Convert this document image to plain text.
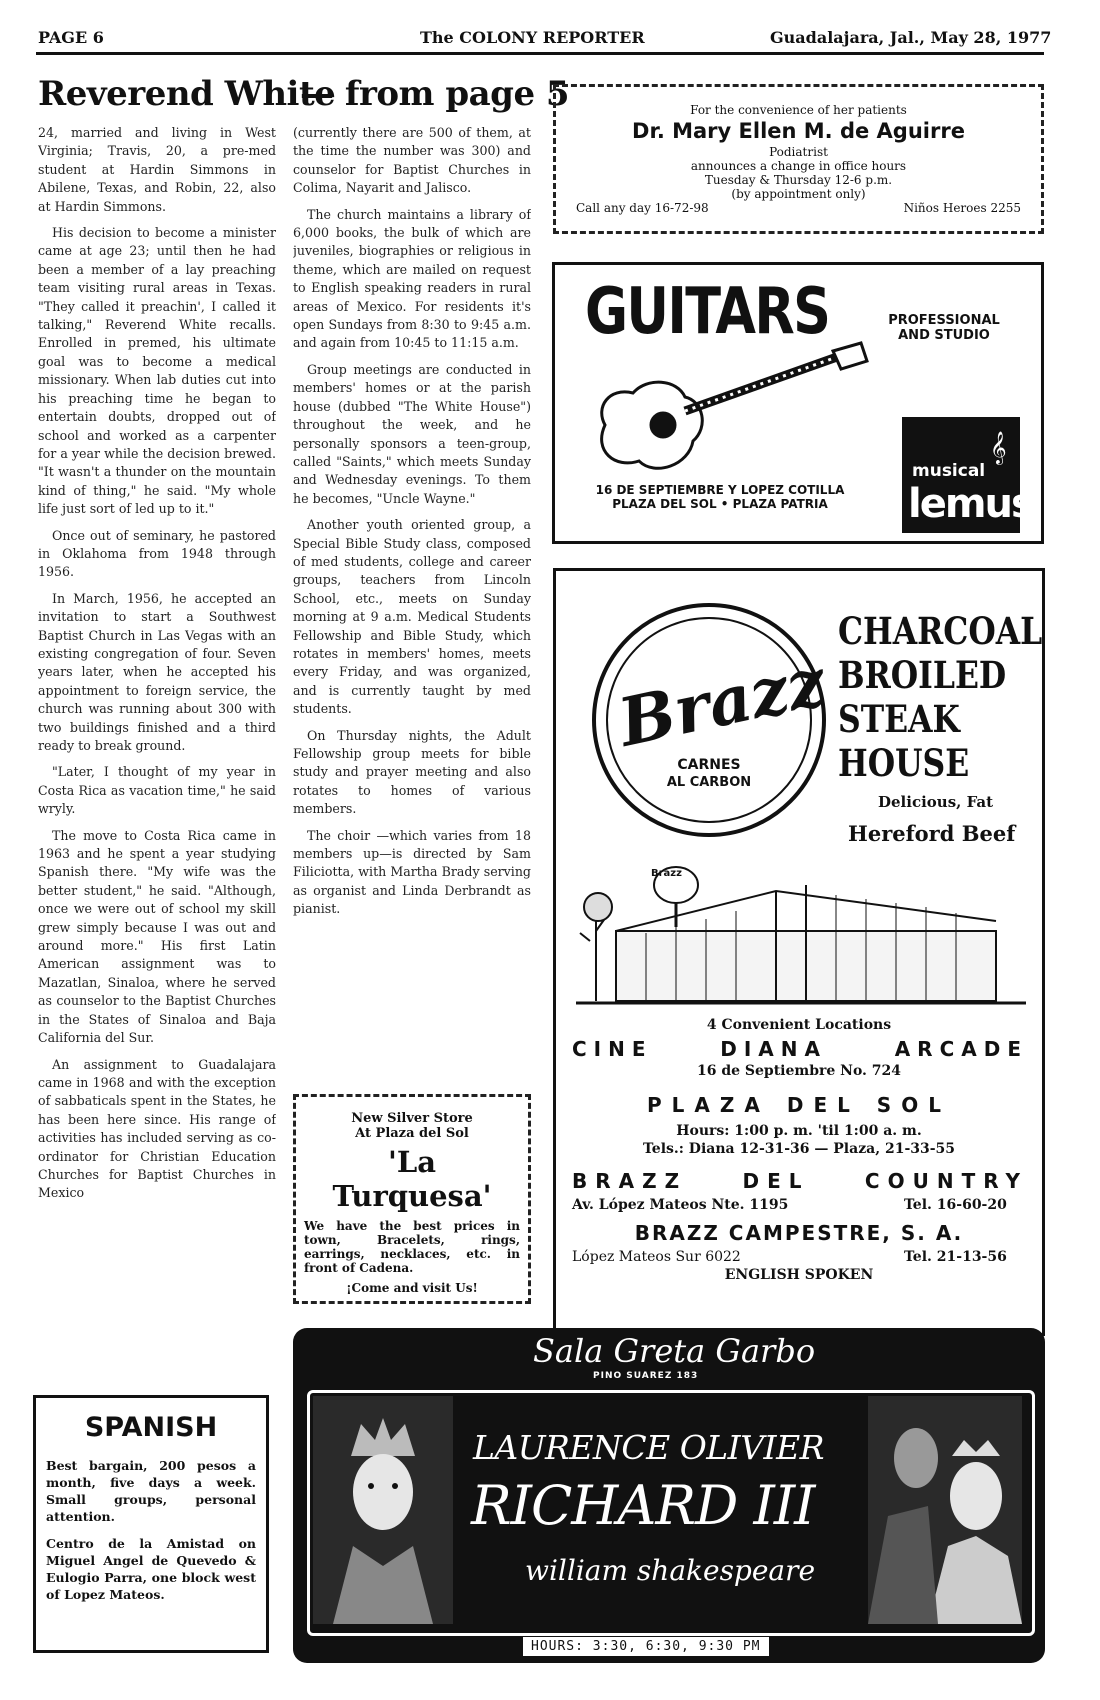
PAGE 6	The COLONY REPORTER	Guadalajara, Jal., May 28, 1977
Reverend White
— from page 5

24, married and living in West Virginia; Travis, 20, a pre-med student at Hardin Simmons in Abilene, Texas, and Robin, 22, also at Hardin Simmons.

His decision to become a minister came at age 23; until then he had been a member of a lay preaching team visiting rural areas in Texas. "They called it preachin', I called it talking," Reverend White recalls. Enrolled in premed, his ultimate goal was to become a medical missionary. When lab duties cut into his preaching time he began to entertain doubts, dropped out of school and worked as a carpenter for a year while the decision brewed. "It wasn't a thunder on the mountain kind of thing," he said. "My whole life just sort of led up to it."

Once out of seminary, he pastored in Oklahoma from 1948 through 1956.

In March, 1956, he accepted an invitation to start a Southwest Baptist Church in Las Vegas with an existing congregation of four. Seven years later, when he accepted his appointment to foreign service, the church was running about 300 with two buildings finished and a third ready to break ground.

"Later, I thought of my year in Costa Rica as vacation time," he said wryly.

The move to Costa Rica came in 1963 and he spent a year studying Spanish there. "My wife was the better student," he said. "Although, once we were out of school my skill grew simply because I was out and around more." His first Latin American assignment was to Mazatlan, Sinaloa, where he served as counselor to the Baptist Churches in the States of Sinaloa and Baja California del Sur.

An assignment to Guadalajara came in 1968 and with the exception of sabbaticals spent in the States, he has been here since. His range of activities has included serving as co-ordinator for Christian Education Churches for Baptist Churches in Mexico

(currently there are 500 of them, at the time the number was 300) and counselor for Baptist Churches in Colima, Nayarit and Jalisco.

The church maintains a library of 6,000 books, the bulk of which are juveniles, biographies or religious in theme, which are mailed on request to English speaking readers in rural areas of Mexico. For residents it's open Sundays from 8:30 to 9:45 a.m. and again from 10:45 to 11:15 a.m.

Group meetings are conducted in members' homes or at the parish house (dubbed "The White House") throughout the week, and he personally sponsors a teen-group, called "Saints," which meets Sunday and Wednesday evenings. To them he becomes, "Uncle Wayne."

Another youth oriented group, a Special Bible Study class, composed of med students, college and career groups, teachers from Lincoln School, etc., meets on Sunday morning at 9 a.m. Medical Students Fellowship and Bible Study, which rotates in members' homes, meets every Friday, and was organized, and is currently taught by med students.

On Thursday nights, the Adult Fellowship group meets for bible study and prayer meeting and also rotates to homes of various members.

The choir —which varies from 18 members up—is directed by Sam Filiciotta, with Martha Brady serving as organist and Linda Derbrandt as pianist.

For the convenience of her patients
Dr. Mary Ellen M. de Aguirre
Podiatrist
announces a change in office hours
Tuesday & Thursday 12-6 p.m.
(by appointment only)
Call any day 16-72-98	Niños Heroes 2255
GUITARS	PROFESSIONAL
AND STUDIO
16 DE SEPTIEMBRE Y LOPEZ COTILLA
PLAZA DEL SOL • PLAZA PATRIA
musical
𝄞
lemus
Brazz
CARNES
AL CARBON
CHARCOAL
BROILED
STEAK
HOUSE
Delicious, Fat
Hereford Beef
Brazz
4 Convenient Locations
CINE DIANA ARCADE
16 de Septiembre No. 724
PLAZA DEL SOL
Hours: 1:00 p. m. 'til 1:00 a. m.
Tels.: Diana 12-31-36 — Plaza, 21-33-55
BRAZZ DEL COUNTRY
Av. López Mateos Nte. 1195	Tel. 16-60-20
BRAZZ CAMPESTRE, S. A.
López Mateos Sur 6022	Tel. 21-13-56
ENGLISH SPOKEN
New Silver Store
At Plaza del Sol
'La Turquesa'
We have the best prices in town, Bracelets, rings, earrings, necklaces, etc. in front of Cadena.
¡Come and visit Us!
SPANISH
Best bargain, 200 pesos a month, five days a week. Small groups, personal attention.
Centro de la Amistad on Miguel Angel de Quevedo & Eulogio Parra, one block west of Lopez Mateos.
Sala Greta Garbo
PINO SUAREZ 183
LAURENCE OLIVIER
RICHARD III
william shakespeare
HOURS: 3:30, 6:30, 9:30 PM
